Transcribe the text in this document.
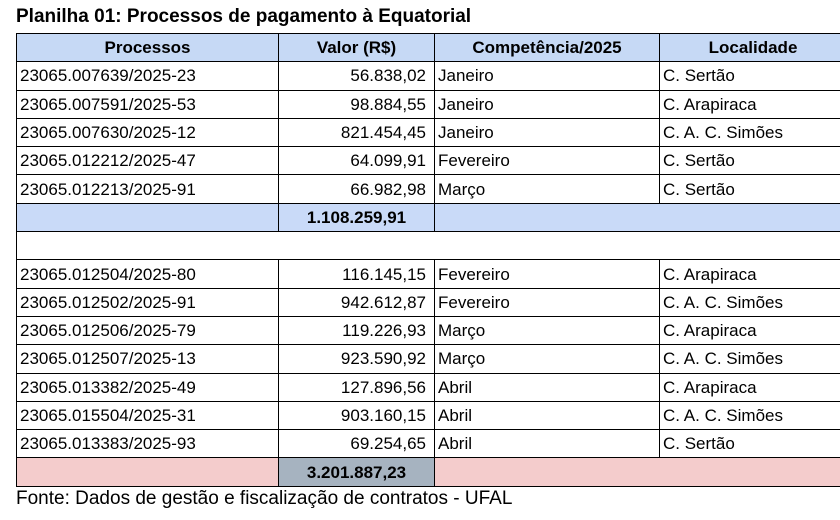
Planilha 01: Processos de pagamento à Equatorial
Processos	Valor (R$)	Competência/2025	Localidade
23065.007639/2025-23	56.838,02	Janeiro	C. Sertão
23065.007591/2025-53	98.884,55	Janeiro	C. Arapiraca
23065.007630/2025-12	821.454,45	Janeiro	C. A. C. Simões
23065.012212/2025-47	64.099,91	Fevereiro	C. Sertão
23065.012213/2025-91	66.982,98	Março	C. Sertão
	1.108.259,91		

23065.012504/2025-80	116.145,15	Fevereiro	C. Arapiraca
23065.012502/2025-91	942.612,87	Fevereiro	C. A. C. Simões
23065.012506/2025-79	119.226,93	Março	C. Arapiraca
23065.012507/2025-13	923.590,92	Março	C. A. C. Simões
23065.013382/2025-49	127.896,56	Abril	C. Arapiraca
23065.015504/2025-31	903.160,15	Abril	C. A. C. Simões
23065.013383/2025-93	69.254,65	Abril	C. Sertão
	3.201.887,23		
Fonte: Dados de gestão e fiscalização de contratos - UFAL
